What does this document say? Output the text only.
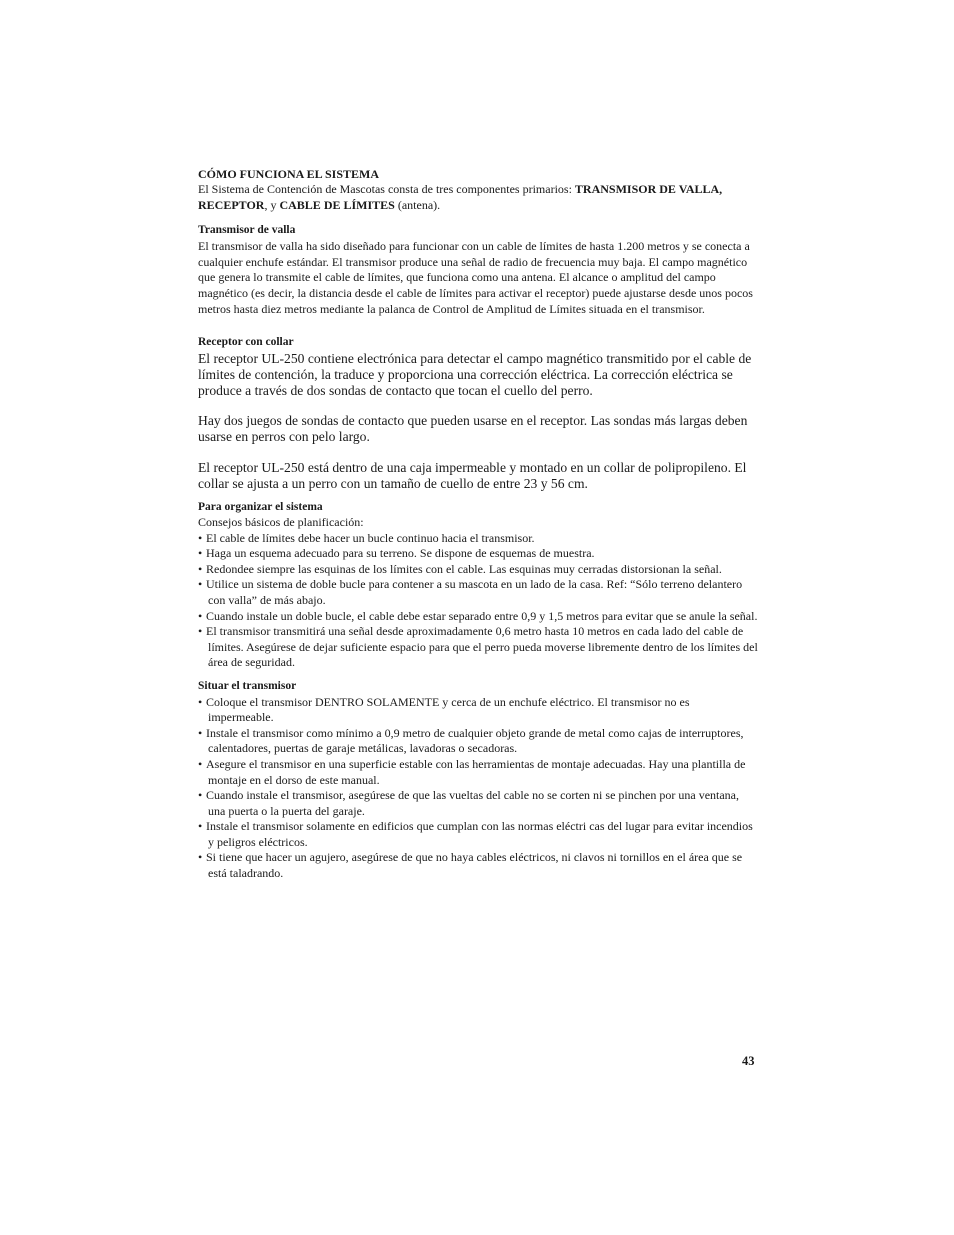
CÓMO FUNCIONA EL SISTEMA

El Sistema de Contención de Mascotas consta de tres componentes primarios: TRANSMISOR DE VALLA, RECEPTOR, y CABLE DE LÍMITES (antena).

Transmisor de valla

El transmisor de valla ha sido diseñado para funcionar con un cable de límites de hasta 1.200 metros y se conecta a cualquier enchufe estándar. El transmisor produce una señal de radio de frecuencia muy baja. El campo magnético que genera lo transmite el cable de límites, que funciona como una antena. El alcance o amplitud del campo magnético (es decir, la distancia desde el cable de límites para activar el receptor) puede ajustarse desde unos pocos metros hasta diez metros mediante la palanca de Control de Amplitud de Límites situada en el transmisor.

Receptor con collar

El receptor UL-250 contiene electrónica para detectar el campo magnético transmitido por el cable de límites de contención, la traduce y proporciona una corrección eléctrica. La corrección eléctrica se produce a través de dos sondas de contacto que tocan el cuello del perro.

Hay dos juegos de sondas de contacto que pueden usarse en el receptor. Las sondas más largas deben usarse en perros con pelo largo.

El receptor UL-250 está dentro de una caja impermeable y montado en un collar de polipropileno. El collar se ajusta a un perro con un tamaño de cuello de entre 23 y 56 cm.

Para organizar el sistema

Consejos básicos de planificación:

• El cable de límites debe hacer un bucle continuo hacia el transmisor.
• Haga un esquema adecuado para su terreno. Se dispone de esquemas de muestra.
• Redondee siempre las esquinas de los límites con el cable. Las esquinas muy cerradas distorsionan la señal.
• Utilice un sistema de doble bucle para contener a su mascota en un lado de la casa. Ref: “Sólo terreno delantero con valla” de más abajo.
• Cuando instale un doble bucle, el cable debe estar separado entre 0,9 y 1,5 metros para evitar que se anule la señal.
• El transmisor transmitirá una señal desde aproximadamente 0,6 metro hasta 10 metros en cada lado del cable de límites. Asegúrese de dejar suficiente espacio para que el perro pueda moverse libremente dentro de los límites del área de seguridad.

Situar el transmisor

• Coloque el transmisor DENTRO SOLAMENTE y cerca de un enchufe eléctrico. El transmisor no es impermeable.
• Instale el transmisor como mínimo a 0,9 metro de cualquier objeto grande de metal como cajas de interruptores, calentadores, puertas de garaje metálicas, lavadoras o secadoras.
• Asegure el transmisor en una superficie estable con las herramientas de montaje adecuadas. Hay una plantilla de montaje en el dorso de este manual.
• Cuando instale el transmisor, asegúrese de que las vueltas del cable no se corten ni se pinchen por una ventana, una puerta o la puerta del garaje.
• Instale el transmisor solamente en edificios que cumplan con las normas eléctri cas del lugar para evitar incendios y peligros eléctricos.
• Si tiene que hacer un agujero, asegúrese de que no haya cables eléctricos, ni clavos ni tornillos en el área que se está taladrando.
43
